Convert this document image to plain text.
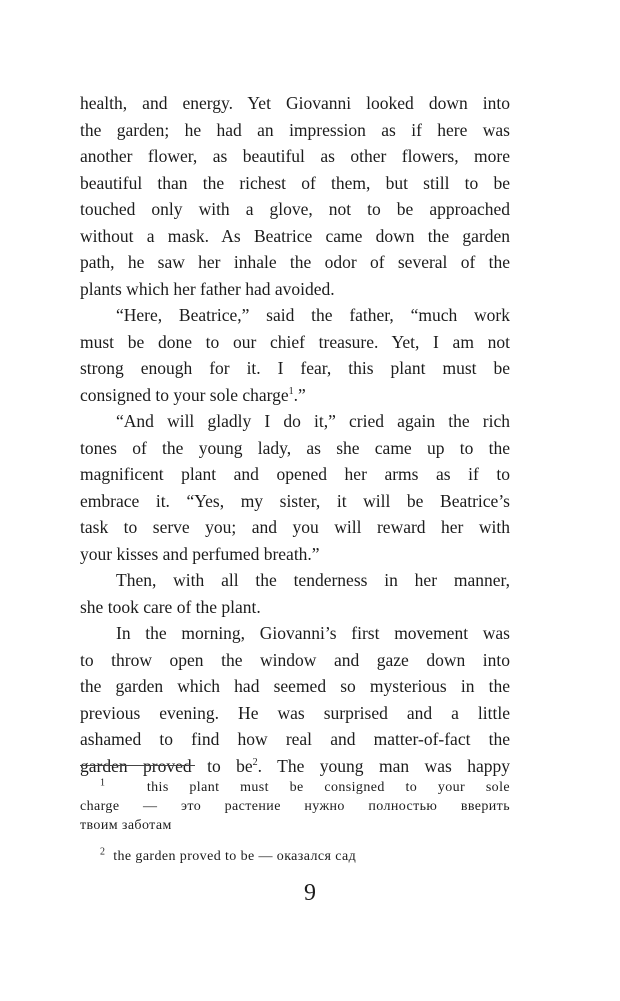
health, and energy. Yet Giovanni looked down into
the garden; he had an impression as if here was
another flower, as beautiful as other flowers, more
beautiful than the richest of them, but still to be
touched only with a glove, not to be approached
without a mask. As Beatrice came down the garden
path, he saw her inhale the odor of several of the
plants which her father had avoided.
“Here, Beatrice,” said the father, “much work
must be done to our chief treasure. Yet, I am not
strong enough for it. I fear, this plant must be
consigned to your sole charge$^1$.”
“And will gladly I do it,” cried again the rich
tones of the young lady, as she came up to the
magnificent plant and opened her arms as if to
embrace it. “Yes, my sister, it will be Beatrice’s
task to serve you; and you will reward her with
your kisses and perfumed breath.”
Then, with all the tenderness in her manner,
she took care of the plant.
In the morning, Giovanni’s first movement was
to throw open the window and gaze down into
the garden which had seemed so mysterious in the
previous evening. He was surprised and a little
ashamed to find how real and matter-of-fact the
garden proved to $be^2$. The young man was happy
$^1$	this plant must be consigned to your sole
charge — это растение нужно полностью вверить
твоим заботам
$^2$ the garden proved to be — оказался сад
9
